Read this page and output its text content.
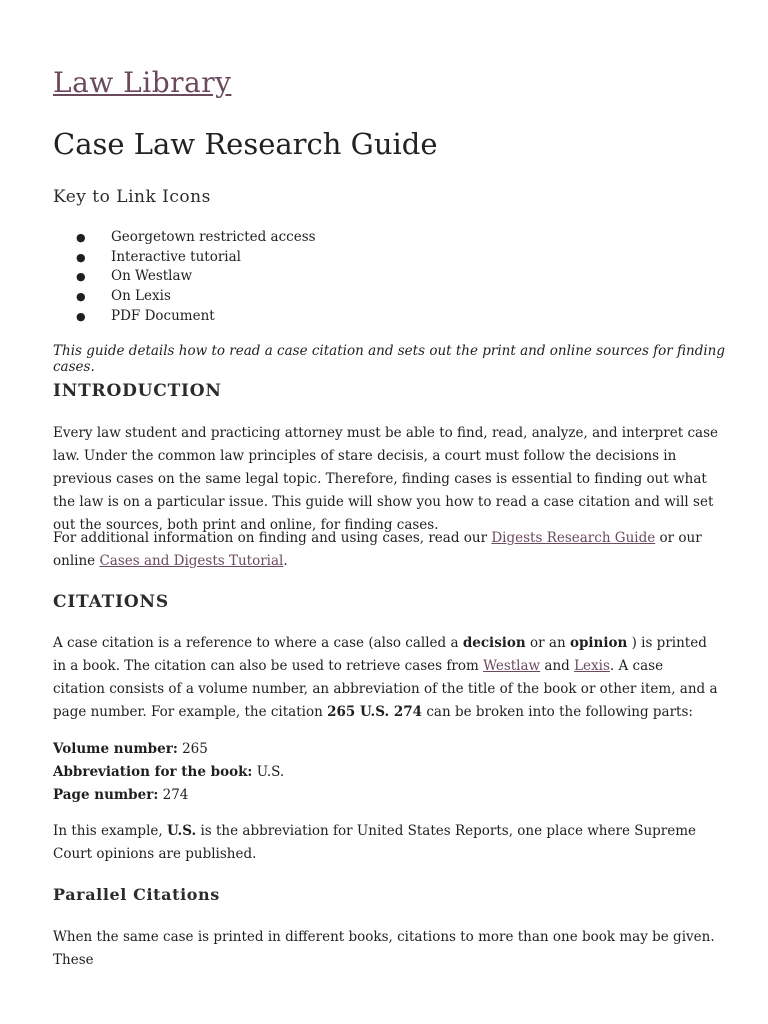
Law Library
Case Law Research Guide
Key to Link Icons
● Georgetown restricted access
● Interactive tutorial
● On Westlaw
● On Lexis
● PDF Document

This guide details how to read a case citation and sets out the print and online sources for finding cases.

INTRODUCTION

Every law student and practicing attorney must be able to find, read, analyze, and interpret case law. Under the common law principles of stare decisis, a court must follow the decisions in previous cases on the same legal topic. Therefore, finding cases is essential to finding out what the law is on a particular issue. This guide will show you how to read a case citation and will set out the sources, both print and online, for finding cases.

For additional information on finding and using cases, read our Digests Research Guide or our online Cases and Digests Tutorial.

CITATIONS

A case citation is a reference to where a case (also called a decision or an opinion ) is printed in a book. The citation can also be used to retrieve cases from Westlaw and Lexis. A case citation consists of a volume number, an abbreviation of the title of the book or other item, and a page number. For example, the citation 265 U.S. 274 can be broken into the following parts:

Volume number: 265
Abbreviation for the book: U.S.
Page number: 274

In this example, U.S. is the abbreviation for United States Reports, one place where Supreme Court opinions are published.

Parallel Citations

When the same case is printed in different books, citations to more than one book may be given. These
